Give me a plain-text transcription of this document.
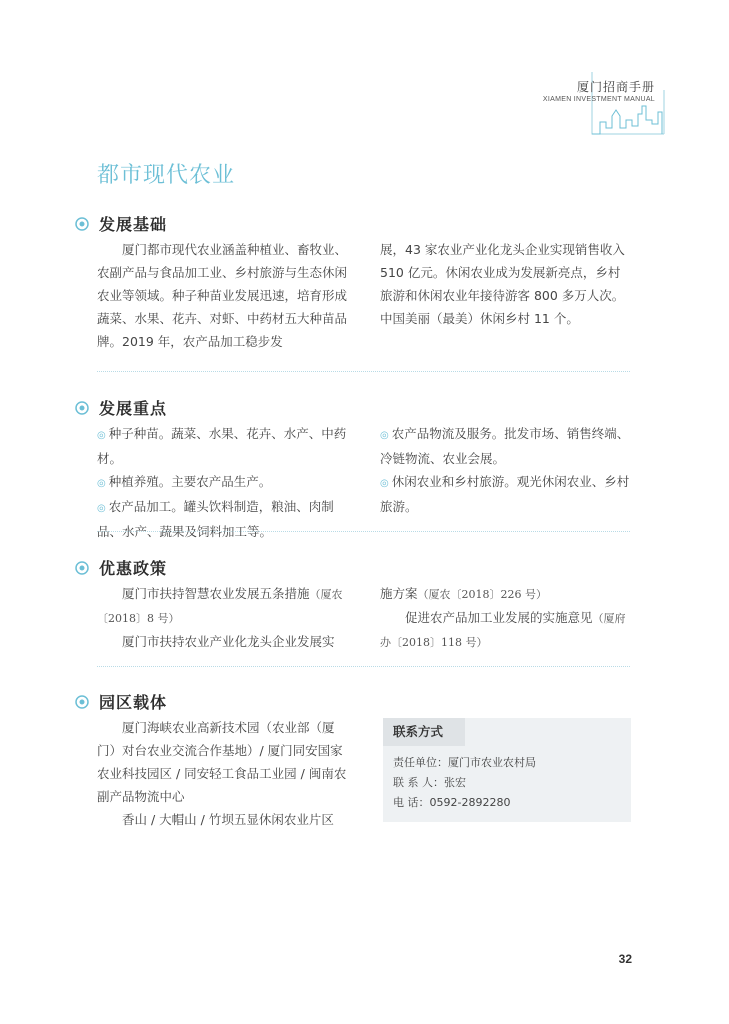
厦门招商手册
XIAMEN INVESTMENT MANUAL
都市现代农业
发展基础

厦门都市现代农业涵盖种植业、畜牧业、农副产品与食品加工业、乡村旅游与生态休闲农业等领域。种子种苗业发展迅速，培育形成蔬菜、水果、花卉、对虾、中药材五大种苗品牌。2019 年，农产品加工稳步发

展，43 家农业产业化龙头企业实现销售收入 510 亿元。休闲农业成为发展新亮点，乡村旅游和休闲农业年接待游客 800 多万人次。中国美丽（最美）休闲乡村 11 个。

发展重点
◎ 种子种苗。蔬菜、水果、花卉、水产、中药材。
◎ 种植养殖。主要农产品生产。
◎ 农产品加工。罐头饮料制造，粮油、肉制品、水产、蔬果及饲料加工等。
◎ 农产品物流及服务。批发市场、销售终端、冷链物流、农业会展。
◎ 休闲农业和乡村旅游。观光休闲农业、乡村旅游。
优惠政策

厦门市扶持智慧农业发展五条措施（厦农〔2018〕8 号）

厦门市扶持农业产业化龙头企业发展实

施方案（厦农〔2018〕226 号）

促进农产品加工业发展的实施意见（厦府办〔2018〕118 号）

园区载体

厦门海峡农业高新技术园（农业部（厦门）对台农业交流合作基地）/ 厦门同安国家农业科技园区 / 同安轻工食品工业园 / 闽南农副产品物流中心

香山 / 大帽山 / 竹坝五显休闲农业片区

联系方式
责任单位：厦门市农业农村局
联 系 人：张宏
电 话：0592-2892280
32
